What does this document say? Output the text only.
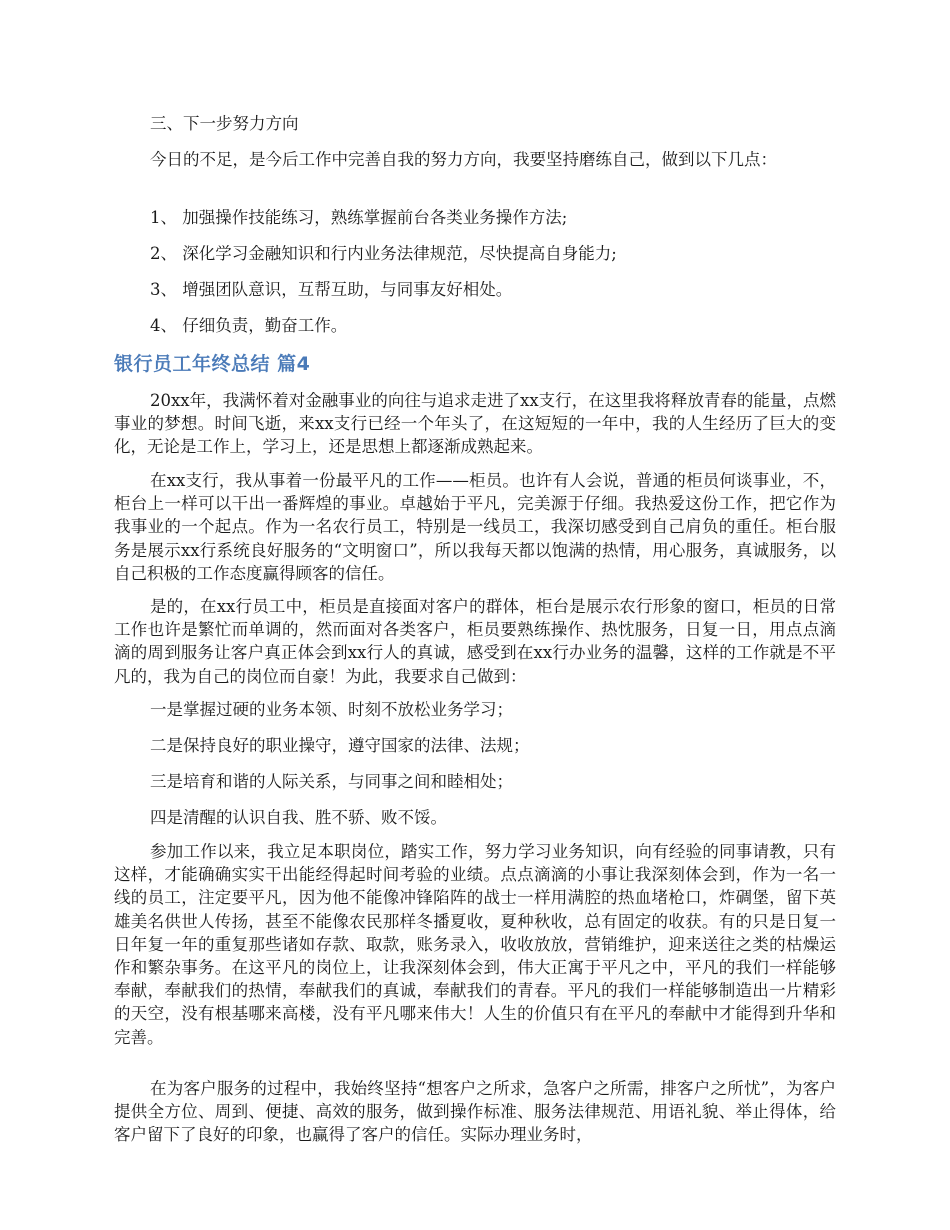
三、下一步努力方向
今日的不足，是今后工作中完善自我的努力方向，我要坚持磨练自己，做到以下几点：
1、 加强操作技能练习，熟练掌握前台各类业务操作方法;
2、 深化学习金融知识和行内业务法律规范，尽快提高自身能力;
3、 增强团队意识，互帮互助，与同事友好相处。
4、 仔细负责，勤奋工作。
银行员工年终总结 篇4
20xx年，我满怀着对金融事业的向往与追求走进了xx支行，在这里我将释放青春的能量，点燃事业的梦想。时间飞逝，来xx支行已经一个年头了，在这短短的一年中，我的人生经历了巨大的变化，无论是工作上，学习上，还是思想上都逐渐成熟起来。
在xx支行，我从事着一份最平凡的工作——柜员。也许有人会说，普通的柜员何谈事业，不，柜台上一样可以干出一番辉煌的事业。卓越始于平凡，完美源于仔细。我热爱这份工作，把它作为我事业的一个起点。作为一名农行员工，特别是一线员工，我深切感受到自己肩负的重任。柜台服务是展示xx行系统良好服务的“文明窗口”，所以我每天都以饱满的热情，用心服务，真诚服务，以自己积极的工作态度赢得顾客的信任。
是的，在xx行员工中，柜员是直接面对客户的群体，柜台是展示农行形象的窗口，柜员的日常工作也许是繁忙而单调的，然而面对各类客户，柜员要熟练操作、热忱服务，日复一日，用点点滴滴的周到服务让客户真正体会到xx行人的真诚，感受到在xx行办业务的温馨，这样的工作就是不平凡的，我为自己的岗位而自豪！为此，我要求自己做到：
一是掌握过硬的业务本领、时刻不放松业务学习；
二是保持良好的职业操守，遵守国家的法律、法规；
三是培育和谐的人际关系，与同事之间和睦相处；
四是清醒的认识自我、胜不骄、败不馁。
参加工作以来，我立足本职岗位，踏实工作，努力学习业务知识，向有经验的同事请教，只有这样，才能确确实实干出能经得起时间考验的业绩。点点滴滴的小事让我深刻体会到，作为一名一线的员工，注定要平凡，因为他不能像冲锋陷阵的战士一样用满腔的热血堵枪口，炸碉堡，留下英雄美名供世人传扬，甚至不能像农民那样冬播夏收，夏种秋收，总有固定的收获。有的只是日复一日年复一年的重复那些诸如存款、取款，账务录入，收收放放，营销维护，迎来送往之类的枯燥运作和繁杂事务。在这平凡的岗位上，让我深刻体会到，伟大正寓于平凡之中，平凡的我们一样能够奉献，奉献我们的热情，奉献我们的真诚，奉献我们的青春。平凡的我们一样能够制造出一片精彩的天空，没有根基哪来高楼，没有平凡哪来伟大！人生的价值只有在平凡的奉献中才能得到升华和完善。
在为客户服务的过程中，我始终坚持“想客户之所求，急客户之所需，排客户之所忧”，为客户提供全方位、周到、便捷、高效的服务，做到操作标准、服务法律规范、用语礼貌、举止得体，给客户留下了良好的印象，也赢得了客户的信任。实际办理业务时，
